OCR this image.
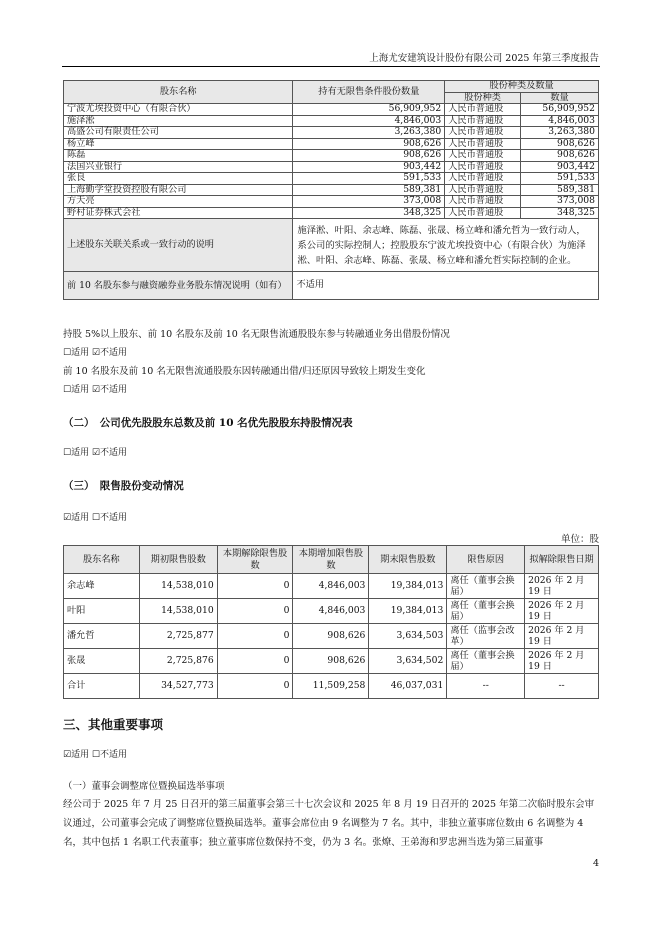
上海尤安建筑设计股份有限公司 2025 年第三季度报告
股东名称	持有无限售条件股份数量	股份种类及数量	
		股份种类	数量
宁波尤埃投资中心（有限合伙）	56,909,952	人民币普通股	56,909,952
施泽淞	4,846,003	人民币普通股	4,846,003
高盛公司有限责任公司	3,263,380	人民币普通股	3,263,380
杨立峰	908,626	人民币普通股	908,626
陈磊	908,626	人民币普通股	908,626
法国兴业银行	903,442	人民币普通股	903,442
张良	591,533	人民币普通股	591,533
上海勤学堂投资控股有限公司	589,381	人民币普通股	589,381
方天亮	373,008	人民币普通股	373,008
野村证券株式会社	348,325	人民币普通股	348,325
上述股东关联关系或一致行动的说明	施泽淞、叶阳、余志峰、陈磊、张晟、杨立峰和潘允哲为一致行动人，系公司的实际控制人；控股股东宁波尤埃投资中心（有限合伙）为施泽淞、叶阳、余志峰、陈磊、张晟、杨立峰和潘允哲实际控制的企业。		
前 10 名股东参与融资融券业务股东情况说明（如有）	不适用		
持股 5%以上股东、前 10 名股东及前 10 名无限售流通股股东参与转融通业务出借股份情况
☐适用 ☑不适用
前 10 名股东及前 10 名无限售流通股股东因转融通出借/归还原因导致较上期发生变化
☐适用 ☑不适用
（二）　公司优先股股东总数及前 10 名优先股股东持股情况表
☐适用 ☑不适用
（三）　限售股份变动情况
☑适用 ☐不适用
单位：股
股东名称	期初限售股数	本期解除限售股数	本期增加限售股数	期末限售股数	限售原因	拟解除限售日期
余志峰	14,538,010	0	4,846,003	19,384,013	离任（董事会换届）	2026 年 2 月 19 日
叶阳	14,538,010	0	4,846,003	19,384,013	离任（董事会换届）	2026 年 2 月 19 日
潘允哲	2,725,877	0	908,626	3,634,503	离任（监事会改革）	2026 年 2 月 19 日
张晟	2,725,876	0	908,626	3,634,502	离任（董事会换届）	2026 年 2 月 19 日
合计	34,527,773	0	11,509,258	46,037,031	--	--
三、其他重要事项
☑适用 ☐不适用
（一）董事会调整席位暨换届选举事项
经公司于 2025 年 7 月 25 日召开的第三届董事会第三十七次会议和 2025 年 8 月 19 日召开的 2025 年第二次临时股东会审议通过，公司董事会完成了调整席位暨换届选举。董事会席位由 9 名调整为 7 名。其中，非独立董事席位数由 6 名调整为 4 名，其中包括 1 名职工代表董事；独立董事席位数保持不变，仍为 3 名。张燎、王弟海和罗忠洲当选为第三届董事
4
